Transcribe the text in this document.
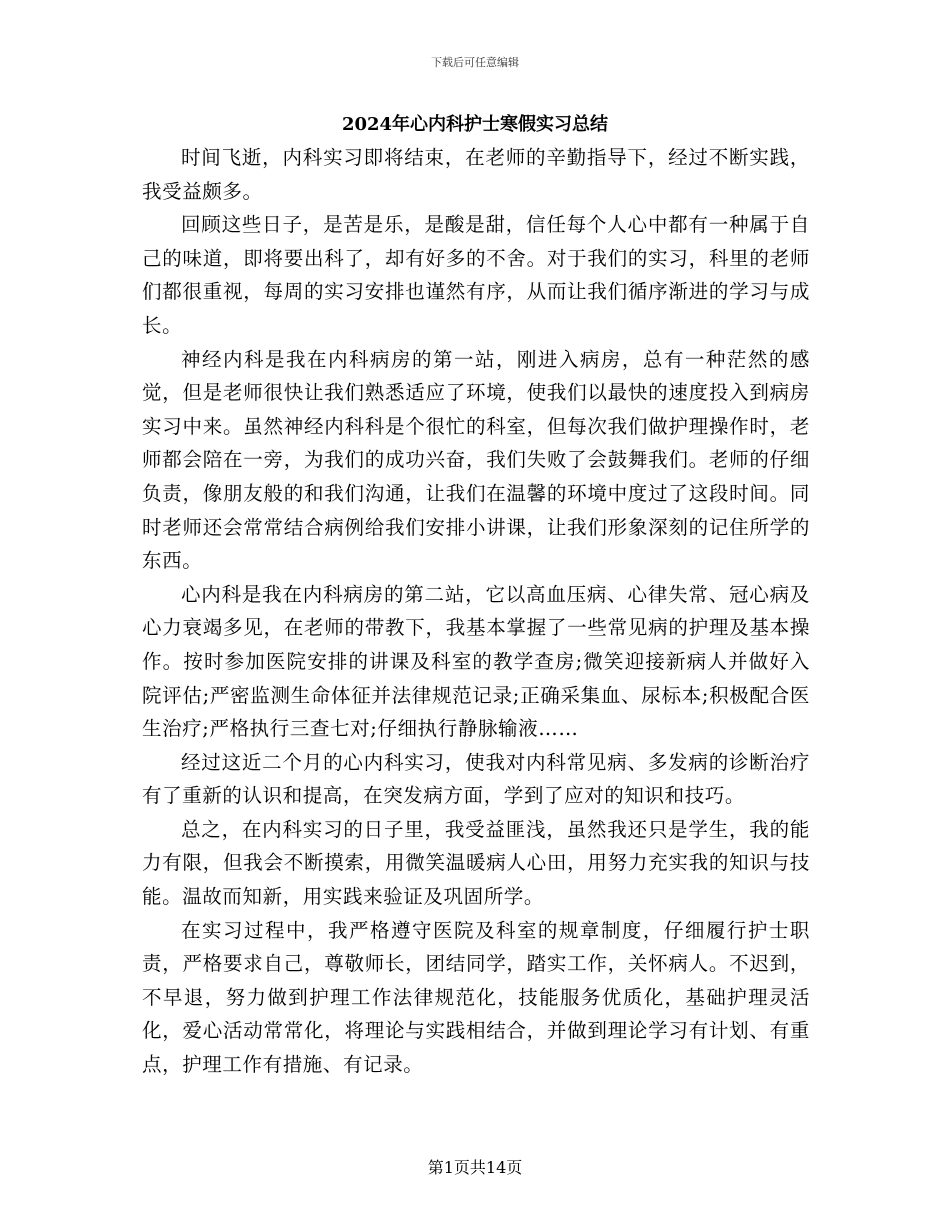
下载后可任意编辑
2024年心内科护士寒假实习总结

时间飞逝，内科实习即将结束，在老师的辛勤指导下，经过不断实践，我受益颇多。

回顾这些日子，是苦是乐，是酸是甜，信任每个人心中都有一种属于自己的味道，即将要出科了，却有好多的不舍。对于我们的实习，科里的老师们都很重视，每周的实习安排也谨然有序，从而让我们循序渐进的学习与成长。

神经内科是我在内科病房的第一站，刚进入病房，总有一种茫然的感觉，但是老师很快让我们熟悉适应了环境，使我们以最快的速度投入到病房实习中来。虽然神经内科科是个很忙的科室，但每次我们做护理操作时，老师都会陪在一旁，为我们的成功兴奋，我们失败了会鼓舞我们。老师的仔细负责，像朋友般的和我们沟通，让我们在温馨的环境中度过了这段时间。同时老师还会常常结合病例给我们安排小讲课，让我们形象深刻的记住所学的东西。

心内科是我在内科病房的第二站，它以高血压病、心律失常、冠心病及心力衰竭多见，在老师的带教下，我基本掌握了一些常见病的护理及基本操作。按时参加医院安排的讲课及科室的教学查房;微笑迎接新病人并做好入院评估;严密监测生命体征并法律规范记录;正确采集血、尿标本;积极配合医生治疗;严格执行三查七对;仔细执行静脉输液……

经过这近二个月的心内科实习，使我对内科常见病、多发病的诊断治疗有了重新的认识和提高，在突发病方面，学到了应对的知识和技巧。

总之，在内科实习的日子里，我受益匪浅，虽然我还只是学生，我的能力有限，但我会不断摸索，用微笑温暖病人心田，用努力充实我的知识与技能。温故而知新，用实践来验证及巩固所学。

在实习过程中，我严格遵守医院及科室的规章制度，仔细履行护士职责，严格要求自己，尊敬师长，团结同学，踏实工作，关怀病人。不迟到，不早退，努力做到护理工作法律规范化，技能服务优质化，基础护理灵活化，爱心活动常常化，将理论与实践相结合，并做到理论学习有计划、有重点，护理工作有措施、有记录。

第1页共14页
